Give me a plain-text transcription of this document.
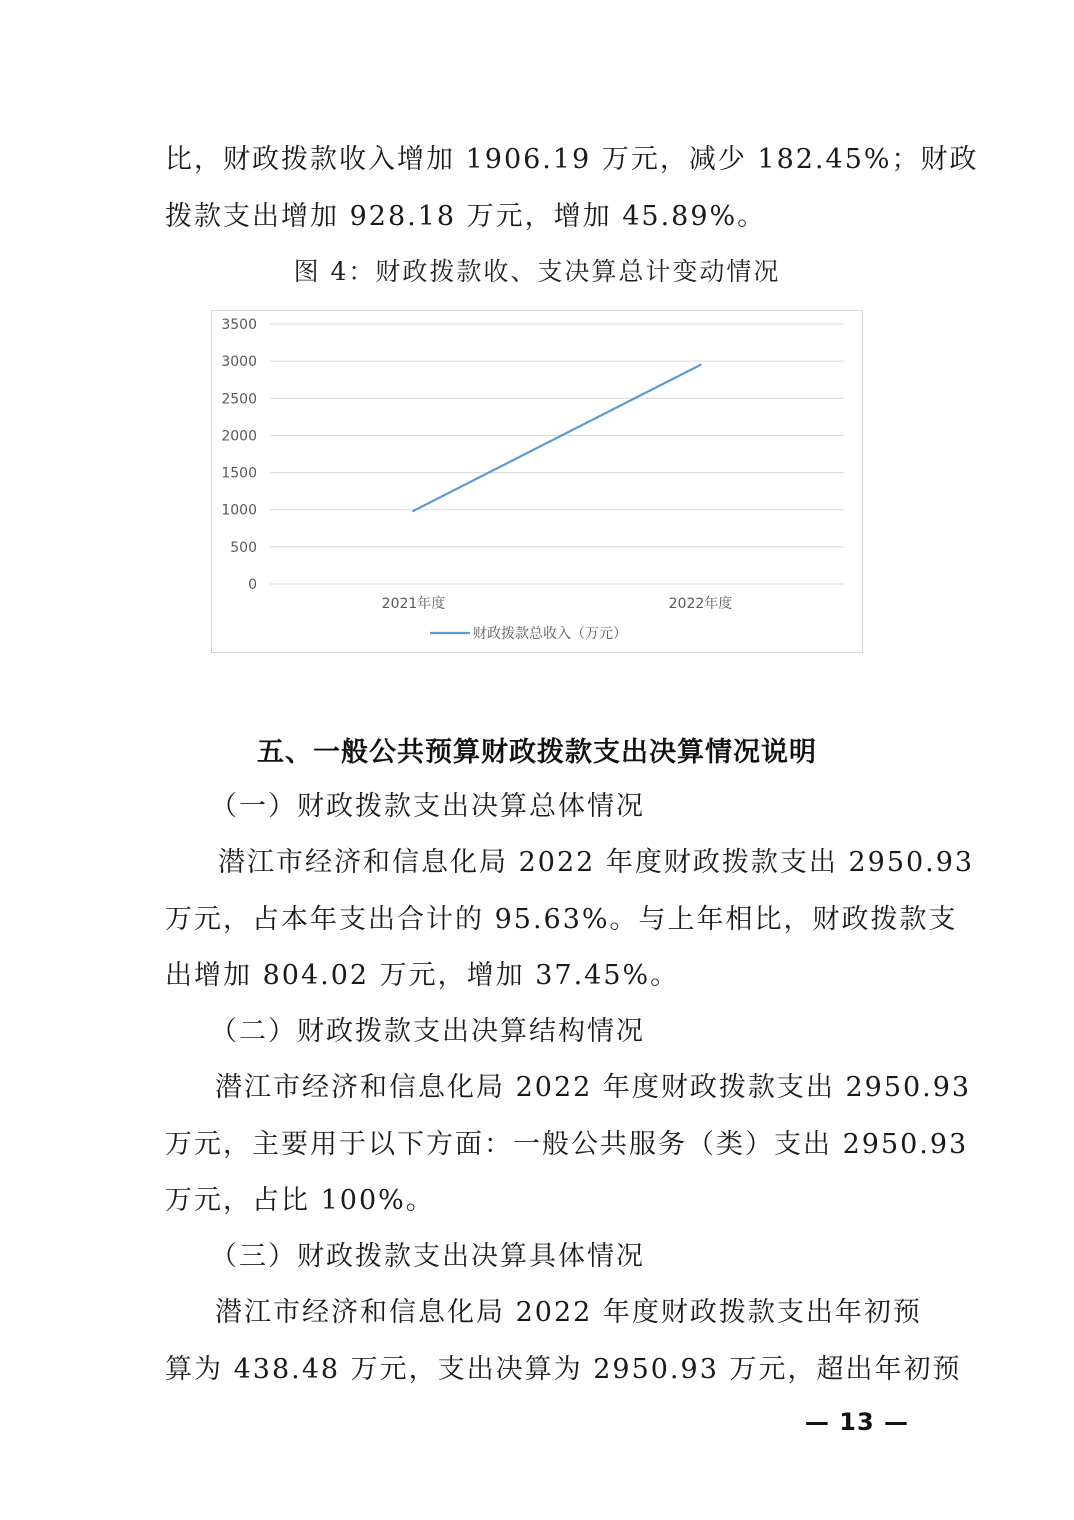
比，财政拨款收入增加 1906.19 万元，减少 182.45%；财政
拨款支出增加 928.18 万元，增加 45.89%。
图 4：财政拨款收、支决算总计变动情况
0
500
1000
1500
2000
2500
3000
3500
2021年度	2022年度
财政拨款总收入（万元）
五、一般公共预算财政拨款支出决算情况说明
（一）财政拨款支出决算总体情况
潜江市经济和信息化局 2022 年度财政拨款支出 2950.93
万元，占本年支出合计的 95.63%。与上年相比，财政拨款支
出增加 804.02 万元，增加 37.45%。
（二）财政拨款支出决算结构情况
潜江市经济和信息化局 2022 年度财政拨款支出 2950.93
万元，主要用于以下方面：一般公共服务（类）支出 2950.93
万元，占比 100%。
（三）财政拨款支出决算具体情况
潜江市经济和信息化局 2022 年度财政拨款支出年初预
算为 438.48 万元，支出决算为 2950.93 万元，超出年初预
— 13 —
